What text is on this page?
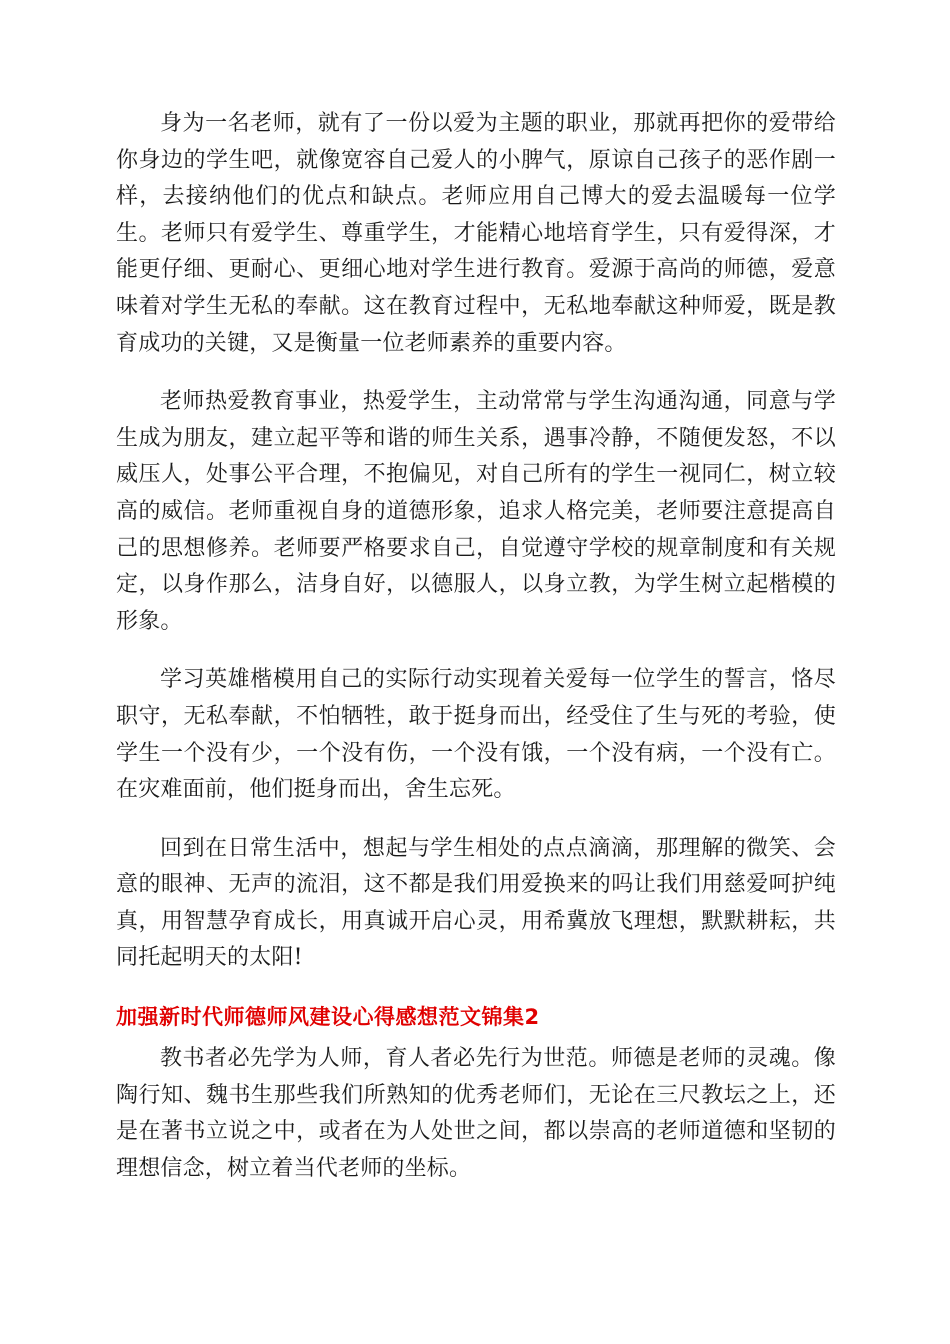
身为一名老师，就有了一份以爱为主题的职业，那就再把你的爱带给你身边的学生吧，就像宽容自己爱人的小脾气，原谅自己孩子的恶作剧一样，去接纳他们的优点和缺点。老师应用自己博大的爱去温暖每一位学生。老师只有爱学生、尊重学生，才能精心地培育学生，只有爱得深，才能更仔细、更耐心、更细心地对学生进行教育。爱源于高尚的师德，爱意味着对学生无私的奉献。这在教育过程中，无私地奉献这种师爱，既是教育成功的关键，又是衡量一位老师素养的重要内容。

老师热爱教育事业，热爱学生，主动常常与学生沟通沟通，同意与学生成为朋友，建立起平等和谐的师生关系，遇事冷静，不随便发怒，不以威压人，处事公平合理，不抱偏见，对自己所有的学生一视同仁，树立较高的威信。老师重视自身的道德形象，追求人格完美，老师要注意提高自己的思想修养。老师要严格要求自己，自觉遵守学校的规章制度和有关规定，以身作那么，洁身自好，以德服人，以身立教，为学生树立起楷模的形象。

学习英雄楷模用自己的实际行动实现着关爱每一位学生的誓言，恪尽职守，无私奉献，不怕牺牲，敢于挺身而出，经受住了生与死的考验，使学生一个没有少，一个没有伤，一个没有饿，一个没有病，一个没有亡。在灾难面前，他们挺身而出，舍生忘死。

回到在日常生活中，想起与学生相处的点点滴滴，那理解的微笑、会意的眼神、无声的流泪，这不都是我们用爱换来的吗让我们用慈爱呵护纯真，用智慧孕育成长，用真诚开启心灵，用希冀放飞理想，默默耕耘，共同托起明天的太阳!

加强新时代师德师风建设心得感想范文锦集2

教书者必先学为人师，育人者必先行为世范。师德是老师的灵魂。像陶行知、魏书生那些我们所熟知的优秀老师们，无论在三尺教坛之上，还是在著书立说之中，或者在为人处世之间，都以崇高的老师道德和坚韧的理想信念，树立着当代老师的坐标。
